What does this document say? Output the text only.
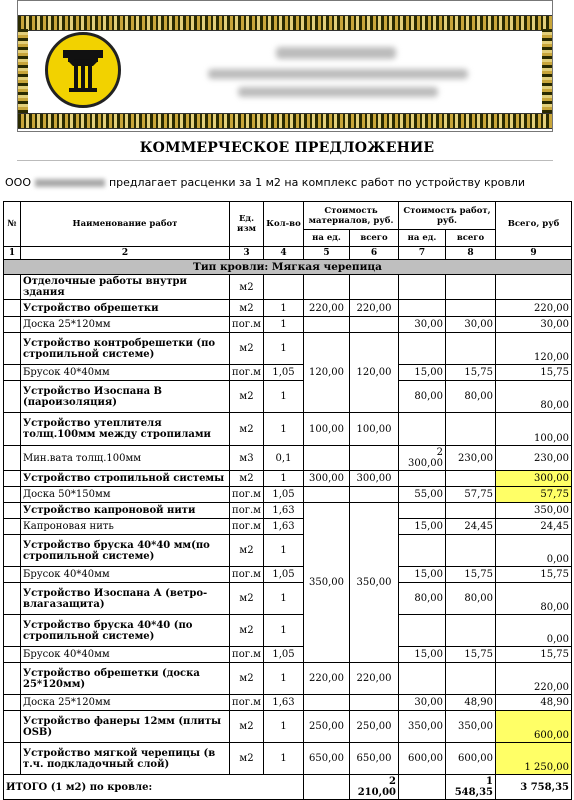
КОММЕРЧЕСКОЕ ПРЕДЛОЖЕНИЕ
ООО	предлагает расценки за 1 м2 на комплекс работ по устройству кровли
№	Наименование работ	Ед. изм	Кол-во	Стоимость материалов, руб.		Стоимость работ, руб.		Всего, руб
				на ед.	всего	на ед.	всего	
1	2	3	4	5	6	7	8	9
Тип кровли: Мягкая черепица								
	Отделочные работы внутри здания	м2						
	Устройство обрешетки	м2	1	220,00	220,00			220,00
	Доска 25*120мм	пог.м	1			30,00	30,00	30,00
	Устройство контробрешетки (по стропильной системе)	м2	1	120,00	120,00			120,00
	Брусок 40*40мм	пог.м	1,05			15,00	15,75	15,75
	Устройство Изоспана В (пароизоляция)	м2	1			80,00	80,00	80,00
	Устройство утеплителя толщ.100мм между стропилами	м2	1	100,00	100,00			100,00
	Мин.вата толщ.100мм	м3	0,1			2 300,00	230,00	230,00
	Устройство стропильной системы	м2	1	300,00	300,00			300,00
	Доска 50*150мм	пог.м	1,05			55,00	57,75	57,75
	Устройство капроновой нити	пог.м	1,63	350,00	350,00			350,00
	Капроновая нить	пог.м	1,63			15,00	24,45	24,45
	Устройство бруска 40*40 мм(по стропильной системе)	м2	1					0,00
	Брусок 40*40мм	пог.м	1,05			15,00	15,75	15,75
	Устройство Изоспана А (ветро-влагазащита)	м2	1			80,00	80,00	80,00
	Устройство бруска 40*40 (по стропильной системе)	м2	1					0,00
	Брусок 40*40мм	пог.м	1,05			15,00	15,75	15,75
	Устройство обрешетки (доска 25*120мм)	м2	1	220,00	220,00			220,00
	Доска 25*120мм	пог.м	1,63			30,00	48,90	48,90
	Устройство фанеры 12мм (плиты OSB)	м2	1	250,00	250,00	350,00	350,00	600,00
	Устройство мягкой черепицы (в т.ч. подкладочный слой)	м2	1	650,00	650,00	600,00	600,00	1 250,00
ИТОГО (1 м2) по кровле:					2 210,00		1 548,35	3 758,35
